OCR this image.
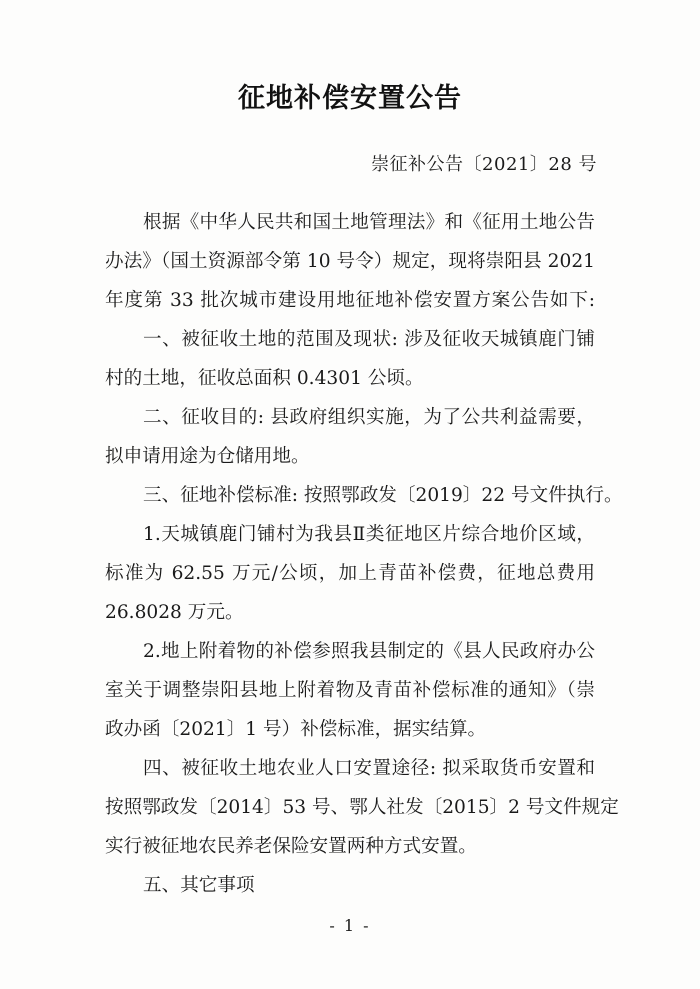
征地补偿安置公告
崇征补公告〔2021〕28 号
根据《中华人民共和国土地管理法》和《征用土地公告
办法》（国土资源部令第 10 号令）规定，现将崇阳县 2021
年度第 33 批次城市建设用地征地补偿安置方案公告如下:
一、被征收土地的范围及现状: 涉及征收天城镇鹿门铺
村的土地，征收总面积 0.4301 公顷。
二、征收目的: 县政府组织实施，为了公共利益需要，
拟申请用途为仓储用地。
三、征地补偿标准: 按照鄂政发〔2019〕22 号文件执行。
1.天城镇鹿门铺村为我县Ⅱ类征地区片综合地价区域，
标准为 62.55 万元/公顷，加上青苗补偿费，征地总费用
26.8028 万元。
2.地上附着物的补偿参照我县制定的《县人民政府办公
室关于调整崇阳县地上附着物及青苗补偿标准的通知》（崇
政办函〔2021〕1 号）补偿标准，据实结算。
四、被征收土地农业人口安置途径: 拟采取货币安置和
按照鄂政发〔2014〕53 号、鄂人社发〔2015〕2 号文件规定
实行被征地农民养老保险安置两种方式安置。
五、其它事项
- 1 -
